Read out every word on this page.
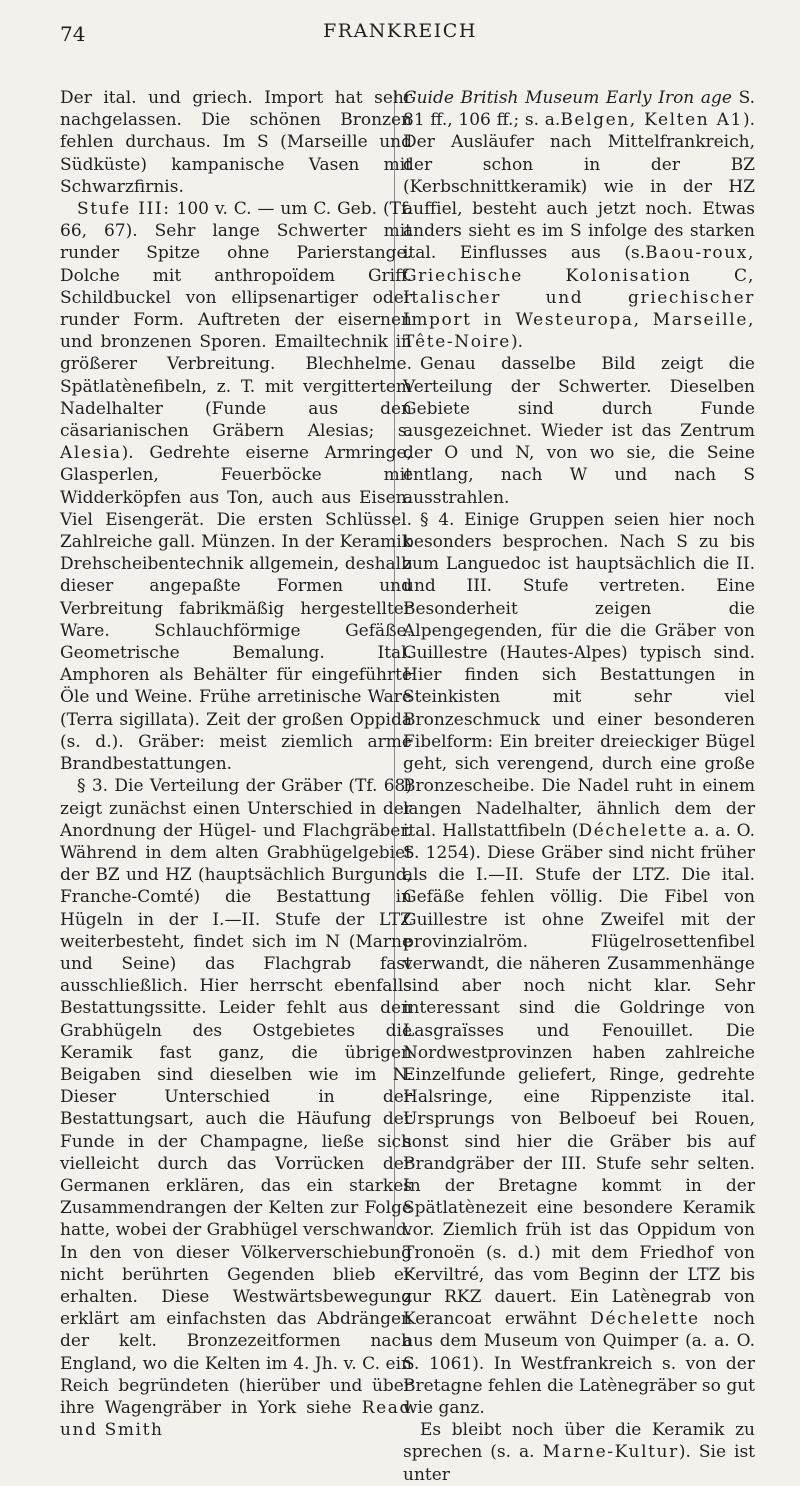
74	FRANKREICH

Der ital. und griech. Import hat sehr nachgelassen. Die schönen Bronzen fehlen durchaus. Im S (Marseille und Südküste) kampanische Vasen mit Schwarzfirnis.

Stufe III: 100 v. C. — um C. Geb. (Tf. 66, 67). Sehr lange Schwerter mit runder Spitze ohne Parierstange. Dolche mit anthropoïdem Griff. Schildbuckel von ellipsenartiger oder runder Form. Auftreten der eisernen und bronzenen Sporen. Emailtechnik in größerer Verbreitung. Blechhelme. Spätlatènefibeln, z. T. mit vergittertem Nadelhalter (Funde aus den cäsarianischen Gräbern Alesias; s. Alesia). Gedrehte eiserne Armringe, Glasperlen, Feuerböcke mit Widderköpfen aus Ton, auch aus Eisen. Viel Eisengerät. Die ersten Schlüssel. Zahlreiche gall. Münzen. In der Keramik Drehscheibentechnik allgemein, deshalb dieser angepaßte Formen und Verbreitung fabrikmäßig hergestellter Ware. Schlauchförmige Gefäße. Geometrische Bemalung. Ital. Amphoren als Behälter für eingeführte Öle und Weine. Frühe arretinische Ware (Terra sigillata). Zeit der großen Oppida (s. d.). Gräber: meist ziemlich arme Brandbestattungen.

§ 3. Die Verteilung der Gräber (Tf. 68) zeigt zunächst einen Unterschied in der Anordnung der Hügel- und Flachgräber. Während in dem alten Grabhügelgebiet der BZ und HZ (hauptsächlich Burgund, Franche-Comté) die Bestattung in Hügeln in der I.—II. Stufe der LTZ weiterbesteht, findet sich im N (Marne und Seine) das Flachgrab fast ausschließlich. Hier herrscht ebenfalls Bestattungssitte. Leider fehlt aus den Grabhügeln des Ostgebietes die Keramik fast ganz, die übrigen Beigaben sind dieselben wie im N. Dieser Unterschied in der Bestattungsart, auch die Häufung der Funde in der Champagne, ließe sich vielleicht durch das Vorrücken der Germanen erklären, das ein starkes Zusammendrangen der Kelten zur Folge hatte, wobei der Grabhügel verschwand. In den von dieser Völkerverschiebung nicht berührten Gegenden blieb er erhalten. Diese Westwärtsbewegung erklärt am einfachsten das Abdrängen der kelt. Bronzezeitformen nach England, wo die Kelten im 4. Jh. v. C. ein Reich begründeten (hierüber und über ihre Wagengräber in York siehe Read und Smith

Guide British Museum Early Iron age S. 81 ff., 106 ff.; s. a.Belgen, Kelten A1). Der Ausläufer nach Mittelfrankreich, der schon in der BZ (Kerbschnittkeramik) wie in der HZ auffiel, besteht auch jetzt noch. Etwas anders sieht es im S infolge des starken ital. Einflusses aus (s.Baou-roux, Griechische Kolonisation C, Italischer und griechischer Import in Westeuropa, Marseille, Tête-Noire).

Genau dasselbe Bild zeigt die Verteilung der Schwerter. Dieselben Gebiete sind durch Funde ausgezeichnet. Wieder ist das Zentrum der O und N, von wo sie, die Seine entlang, nach W und nach S ausstrahlen.

§ 4. Einige Gruppen seien hier noch besonders besprochen. Nach S zu bis zum Languedoc ist hauptsächlich die II. und III. Stufe vertreten. Eine Besonderheit zeigen die Alpengegenden, für die die Gräber von Guillestre (Hautes-Alpes) typisch sind. Hier finden sich Bestattungen in Steinkisten mit sehr viel Bronzeschmuck und einer besonderen Fibelform: Ein breiter dreieckiger Bügel geht, sich verengend, durch eine große Bronzescheibe. Die Nadel ruht in einem langen Nadelhalter, ähnlich dem der ital. Hallstattfibeln (Déchelette a. a. O. S. 1254). Diese Gräber sind nicht früher als die I.—II. Stufe der LTZ. Die ital. Gefäße fehlen völlig. Die Fibel von Guillestre ist ohne Zweifel mit der provinzialröm. Flügelrosettenfibel verwandt, die näheren Zusammenhänge sind aber noch nicht klar. Sehr interessant sind die Goldringe von Lasgraïsses und Fenouillet. Die Nordwestprovinzen haben zahlreiche Einzelfunde geliefert, Ringe, gedrehte Halsringe, eine Rippenziste ital. Ursprungs von Belboeuf bei Rouen, sonst sind hier die Gräber bis auf Brandgräber der III. Stufe sehr selten. In der Bretagne kommt in der Spätlatènezeit eine besondere Keramik vor. Ziemlich früh ist das Oppidum von Tronoën (s. d.) mit dem Friedhof von Kerviltré, das vom Beginn der LTZ bis zur RKZ dauert. Ein Latènegrab von Kerancoat erwähnt Déchelette noch aus dem Museum von Quimper (a. a. O. S. 1061). In Westfrankreich s. von der Bretagne fehlen die Latènegräber so gut wie ganz.

Es bleibt noch über die Keramik zu sprechen (s. a. Marne-Kultur). Sie ist unter
